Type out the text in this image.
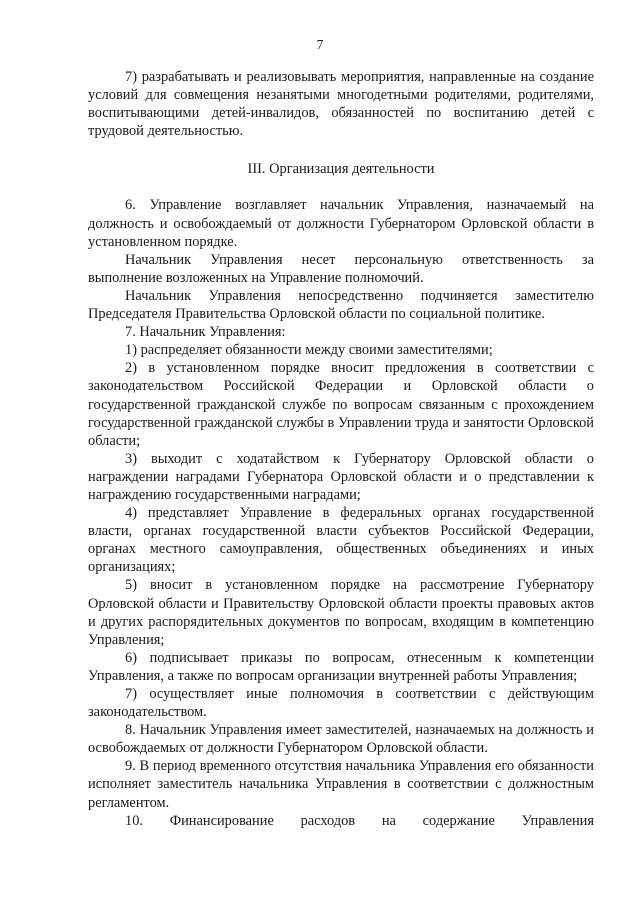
7

7) разрабатывать и реализовывать мероприятия, направленные на создание условий для совмещения незанятыми многодетными родителями, родителями, воспитывающими детей-инвалидов, обязанностей по воспитанию детей с трудовой деятельностью.

III. Организация деятельности

6. Управление возглавляет начальник Управления, назначаемый на должность и освобождаемый от должности Губернатором Орловской области в установленном порядке.

Начальник Управления несет персональную ответственность за выполнение возложенных на Управление полномочий.

Начальник Управления непосредственно подчиняется заместителю Председателя Правительства Орловской области по социальной политике.

7. Начальник Управления:

1) распределяет обязанности между своими заместителями;

2) в установленном порядке вносит предложения в соответствии с законодательством Российской Федерации и Орловской области о государственной гражданской службе по вопросам связанным с прохождением государственной гражданской службы в Управлении труда и занятости Орловской области;

3) выходит с ходатайством к Губернатору Орловской области о награждении наградами Губернатора Орловской области и о представлении к награждению государственными наградами;

4) представляет Управление в федеральных органах государственной власти, органах государственной власти субъектов Российской Федерации, органах местного самоуправления, общественных объединениях и иных организациях;

5) вносит в установленном порядке на рассмотрение Губернатору Орловской области и Правительству Орловской области проекты правовых актов и других распорядительных документов по вопросам, входящим в компетенцию Управления;

6) подписывает приказы по вопросам, отнесенным к компетенции Управления, а также по вопросам организации внутренней работы Управления;

7) осуществляет иные полномочия в соответствии с действующим законодательством.

8. Начальник Управления имеет заместителей, назначаемых на должность и освобождаемых от должности Губернатором Орловской области.

9. В период временного отсутствия начальника Управления его обязанности исполняет заместитель начальника Управления в соответствии с должностным регламентом.

10. Финансирование расходов на содержание Управления
